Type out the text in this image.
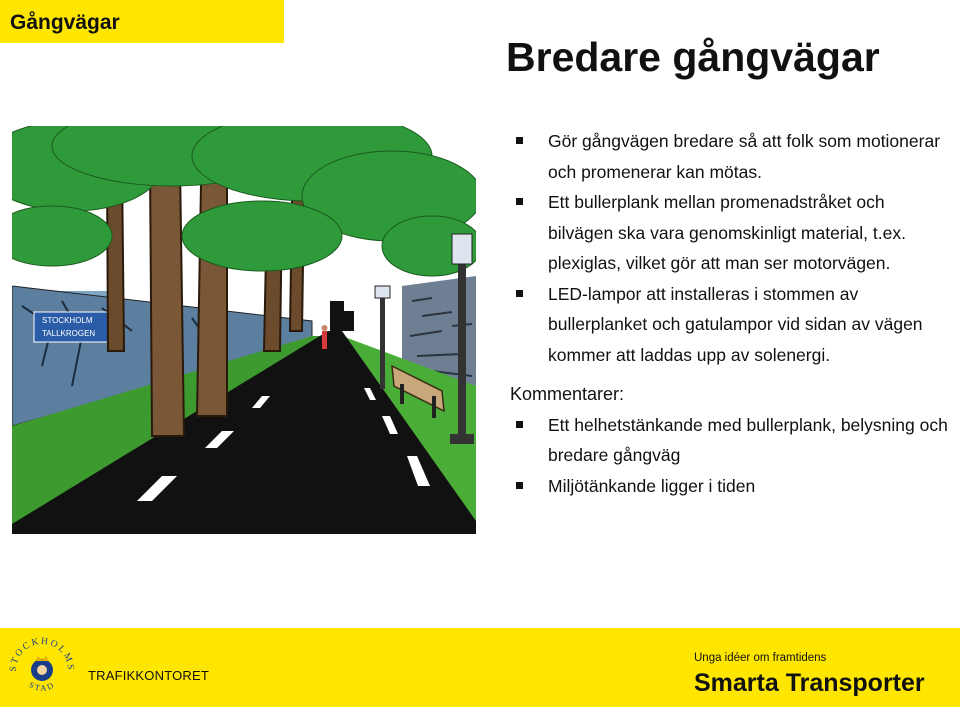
Gångvägar
Bredare gångvägar
STOCKHOLM
TALLKROGEN
Gör gångvägen bredare så att folk som motionerar och promenerar kan mötas.
Ett bullerplank mellan promenadstråket och bilvägen ska vara genomskinligt material, t.ex. plexiglas, vilket gör att man ser motorvägen.
LED-lampor att installeras i stommen av bullerplanket och gatulampor vid sidan av vägen kommer att laddas upp av solenergi.
Kommentarer:
Ett helhetstänkande med bullerplank, belysning och bredare gångväg
Miljötänkande ligger i tiden
STOCKHOLMS
STAD
TRAFIKKONTORET
Unga idéer om framtidens
Smarta Transporter
